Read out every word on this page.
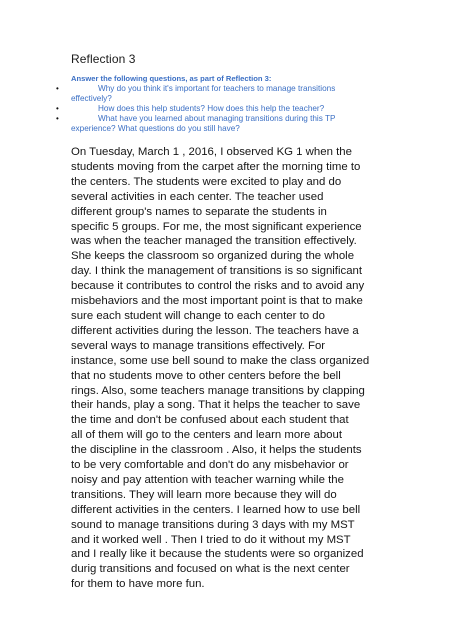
Reflection 3
Answer the following questions, as part of Reflection 3:
•	Why do you think it's important for teachers to manage transitions
effectively?
•	How does this help students? How does this help the teacher?
•	What have you learned about managing transitions during this TP
experience? What questions do you still have?
On Tuesday, March 1 , 2016, I observed KG 1 when the
students moving from the carpet after the morning time to
the centers. The students were excited to play and do
several activities in each center. The teacher used
different group's names to separate the students in
specific 5 groups. For me, the most significant experience
was when the teacher managed the transition effectively.
She keeps the classroom so organized during the whole
day. I think the management of transitions is so significant
because it contributes to control the risks and to avoid any
misbehaviors and the most important point is that to make
sure each student will change to each center to do
different activities during the lesson. The teachers have a
several ways to manage transitions effectively. For
instance, some use bell sound to make the class organized
that no students move to other centers before the bell
rings. Also, some teachers manage transitions by clapping
their hands, play a song. That it helps the teacher to save
the time and don't be confused about each student that
all of them will go to the centers and learn more about
the discipline in the classroom . Also, it helps the students
to be very comfortable and don't do any misbehavior or
noisy and pay attention with teacher warning while the
transitions. They will learn more because they will do
different activities in the centers. I learned how to use bell
sound to manage transitions during 3 days with my MST
and it worked well . Then I tried to do it without my MST
and I really like it because the students were so organized
durig transitions and focused on what is the next center
for them to have more fun.
